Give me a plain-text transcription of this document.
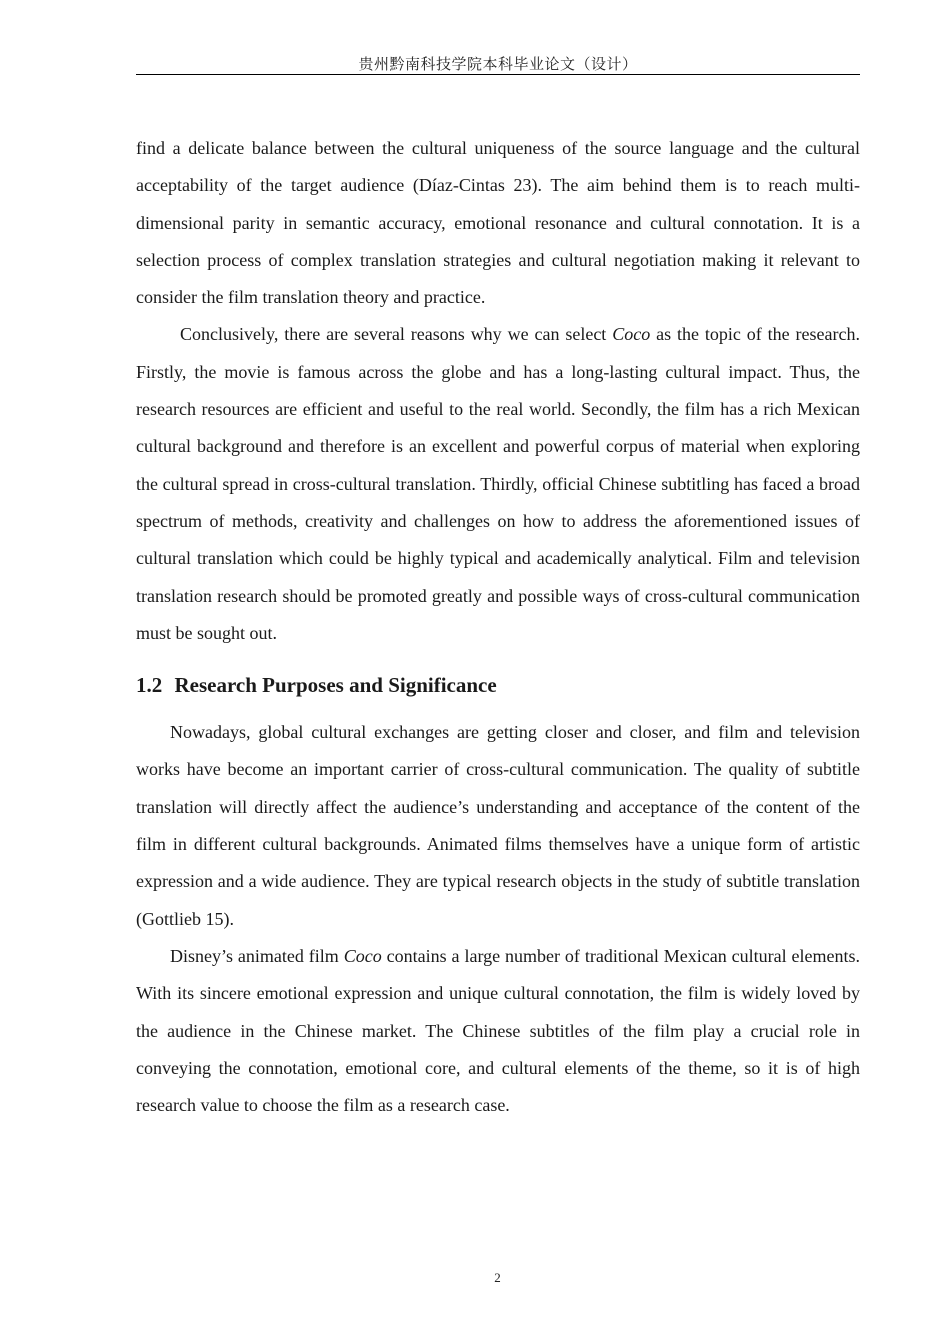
贵州黔南科技学院本科毕业论文（设计）

find a delicate balance between the cultural uniqueness of the source language and the cultural acceptability of the target audience (Díaz-Cintas 23). The aim behind them is to reach multi-dimensional parity in semantic accuracy, emotional resonance and cultural connotation. It is a selection process of complex translation strategies and cultural negotiation making it relevant to consider the film translation theory and practice.

Conclusively, there are several reasons why we can select Coco as the topic of the research. Firstly, the movie is famous across the globe and has a long-lasting cultural impact. Thus, the research resources are efficient and useful to the real world. Secondly, the film has a rich Mexican cultural background and therefore is an excellent and powerful corpus of material when exploring the cultural spread in cross-cultural translation. Thirdly, official Chinese subtitling has faced a broad spectrum of methods, creativity and challenges on how to address the aforementioned issues of cultural translation which could be highly typical and academically analytical. Film and television translation research should be promoted greatly and possible ways of cross-cultural communication must be sought out.

1.2 Research Purposes and Significance

Nowadays, global cultural exchanges are getting closer and closer, and film and television works have become an important carrier of cross-cultural communication. The quality of subtitle translation will directly affect the audience’s understanding and acceptance of the content of the film in different cultural backgrounds. Animated films themselves have a unique form of artistic expression and a wide audience. They are typical research objects in the study of subtitle translation (Gottlieb 15).

Disney’s animated film Coco contains a large number of traditional Mexican cultural elements. With its sincere emotional expression and unique cultural connotation, the film is widely loved by the audience in the Chinese market. The Chinese subtitles of the film play a crucial role in conveying the connotation, emotional core, and cultural elements of the theme, so it is of high research value to choose the film as a research case.

2
